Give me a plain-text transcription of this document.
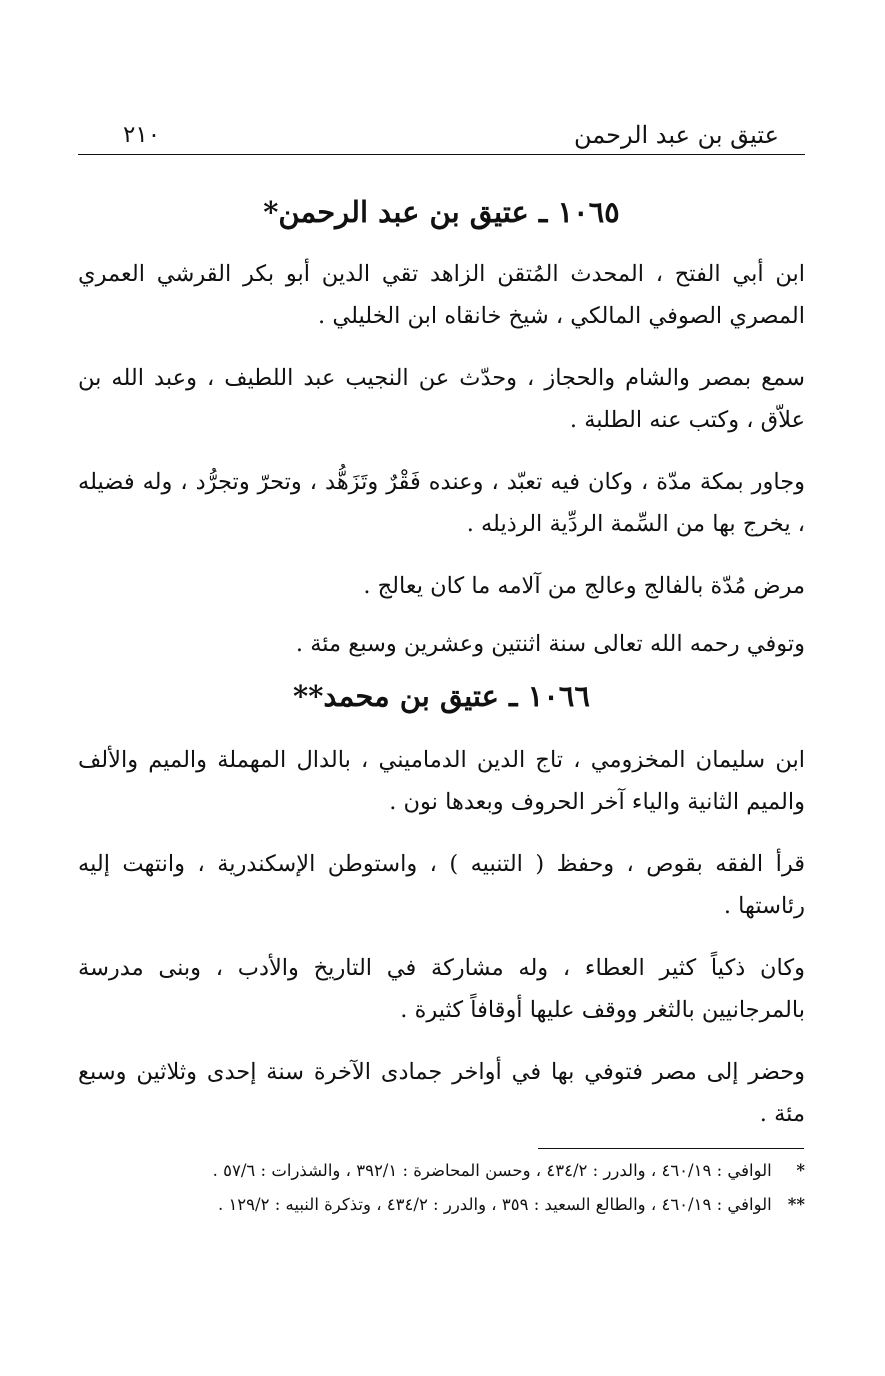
عتيق بن عبد الرحمن
٢١٠
١٠٦٥ ـ عتيق بن عبد الرحمن*

ابن أبي الفتح ، المحدث المُتقن الزاهد تقي الدين أبو بكر القرشي العمري المصري الصوفي المالكي ، شيخ خانقاه ابن الخليلي .

سمع بمصر والشام والحجاز ، وحدّث عن النجيب عبد اللطيف ، وعبد الله بن علاّق ، وكتب عنه الطلبة .

وجاور بمكة مدّة ، وكان فيه تعبّد ، وعنده فَقْرٌ وتَزَهُّد ، وتحرّ وتجرُّد ، وله فضيله ، يخرج بها من السِّمة الردِّية الرذيله .

مرض مُدّة بالفالج وعالج من آلامه ما كان يعالج .

وتوفي رحمه الله تعالى سنة اثنتين وعشرين وسبع مئة .

١٠٦٦ ـ عتيق بن محمد**

ابن سليمان المخزومي ، تاج الدين الدماميني ، بالدال المهملة والميم والألف والميم الثانية والياء آخر الحروف وبعدها نون .

قرأ الفقه بقوص ، وحفظ ( التنبيه ) ، واستوطن الإسكندرية ، وانتهت إليه رئاستها .

وكان ذكياً كثير العطاء ، وله مشاركة في التاريخ والأدب ، وبنى مدرسة بالمرجانيين بالثغر ووقف عليها أوقافاً كثيرة .

وحضر إلى مصر فتوفي بها في أواخر جمادى الآخرة سنة إحدى وثلاثين وسبع مئة .

* الوافي : ٤٦٠/١٩ ، والدرر : ٤٣٤/٢ ، وحسن المحاضرة : ٣٩٢/١ ، والشذرات : ٥٧/٦ .
** الوافي : ٤٦٠/١٩ ، والطالع السعيد : ٣٥٩ ، والدرر : ٤٣٤/٢ ، وتذكرة النبيه : ١٢٩/٢ .
